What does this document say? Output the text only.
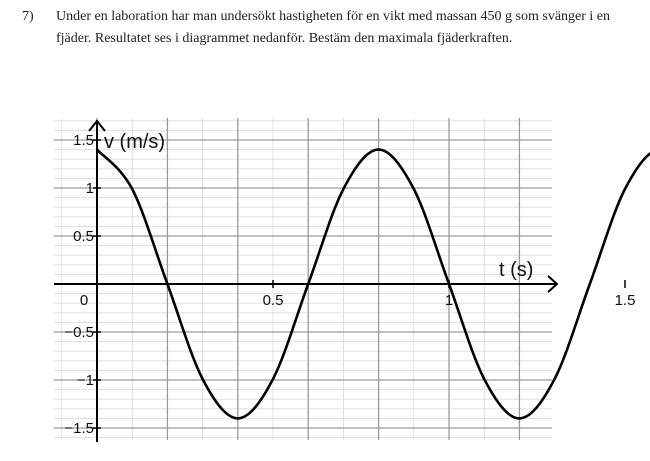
7) Under en laboration har man undersökt hastigheten för en vikt med massan 450 g som svänger i en fjäder. Resultatet ses i diagrammet nedanför. Bestäm den maximala fjäderkraften.
0	0.5	1	1.5
1.5
1
0.5
−0.5
−1
−1.5
v (m/s)
t (s)
